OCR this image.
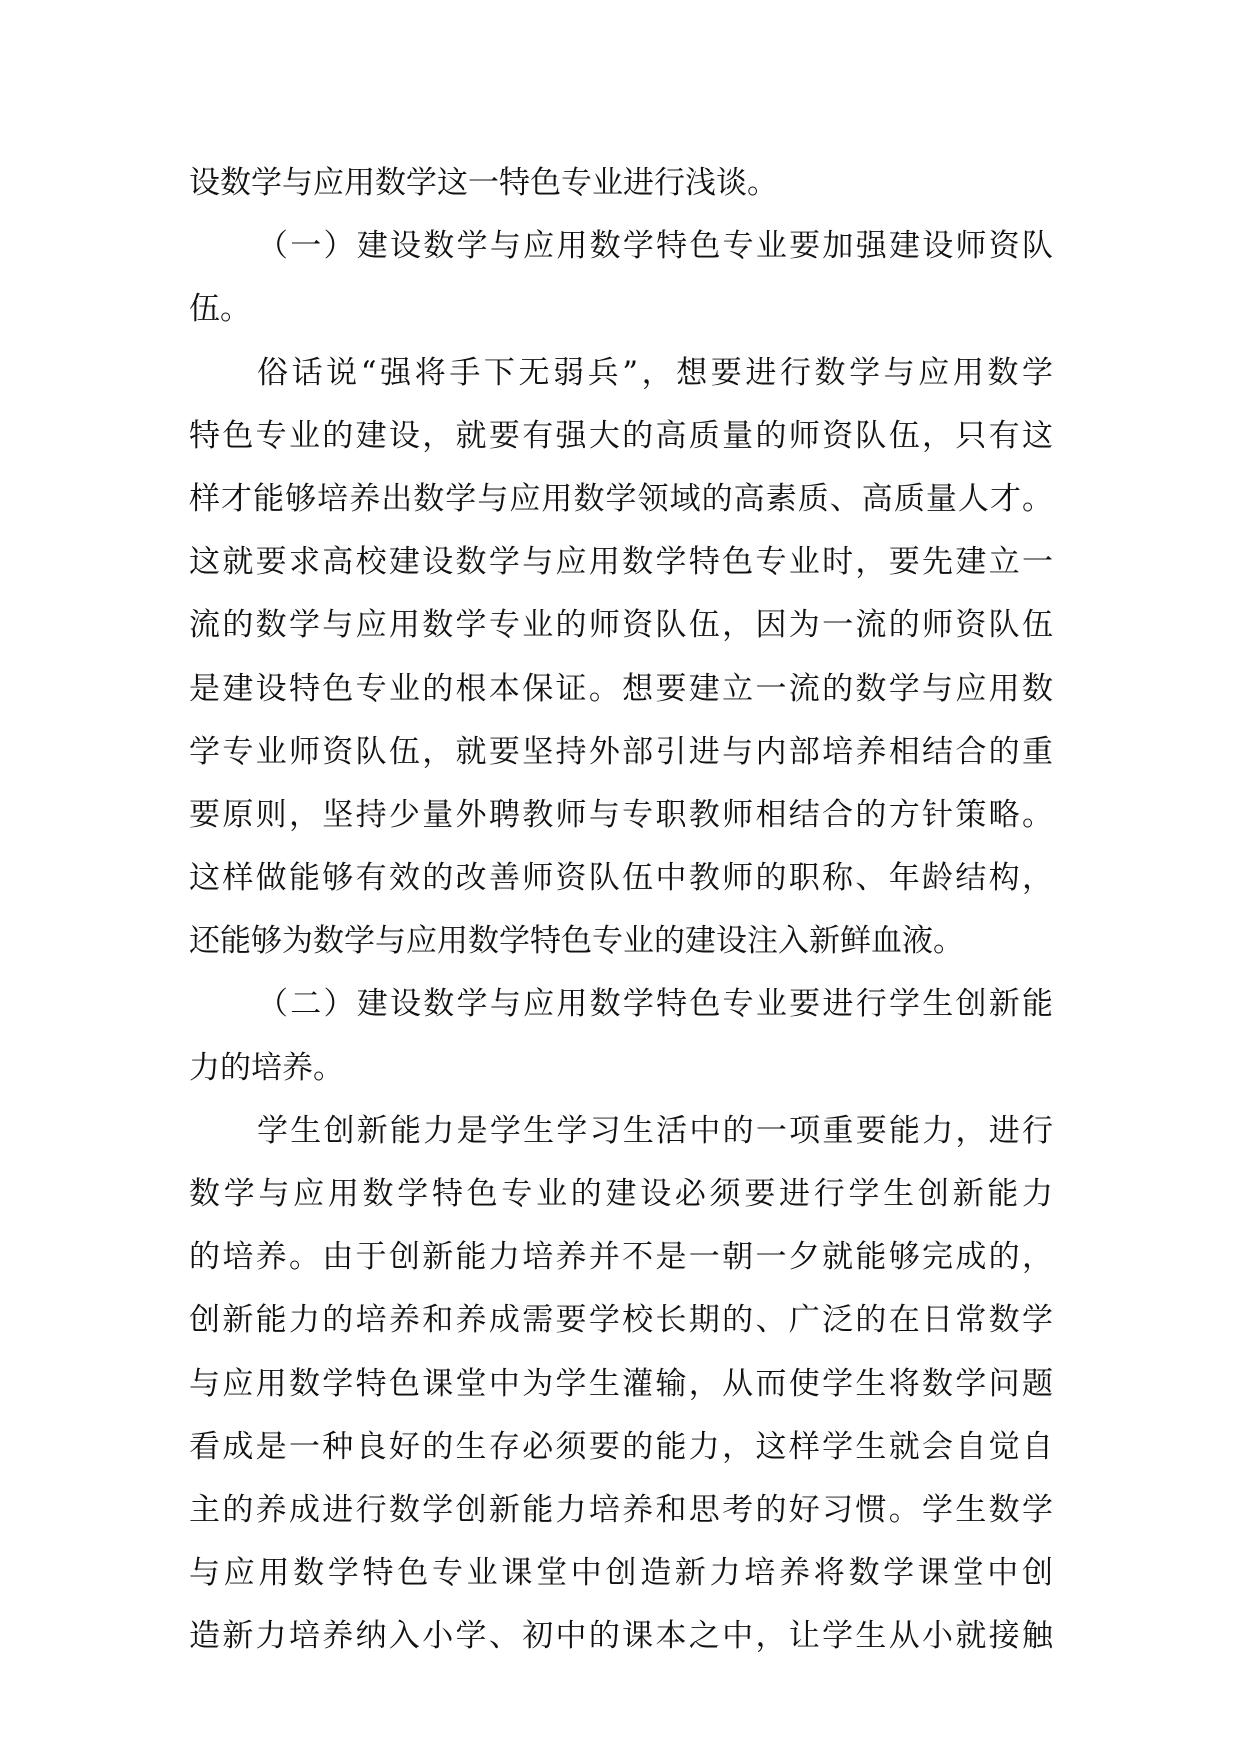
设数学与应用数学这一特色专业进行浅谈。
（一）建设数学与应用数学特色专业要加强建设师资队
伍。
俗话说“强将手下无弱兵”，想要进行数学与应用数学
特色专业的建设，就要有强大的高质量的师资队伍，只有这
样才能够培养出数学与应用数学领域的高素质、高质量人才。
这就要求高校建设数学与应用数学特色专业时，要先建立一
流的数学与应用数学专业的师资队伍，因为一流的师资队伍
是建设特色专业的根本保证。想要建立一流的数学与应用数
学专业师资队伍，就要坚持外部引进与内部培养相结合的重
要原则，坚持少量外聘教师与专职教师相结合的方针策略。
这样做能够有效的改善师资队伍中教师的职称、年龄结构，
还能够为数学与应用数学特色专业的建设注入新鲜血液。
（二）建设数学与应用数学特色专业要进行学生创新能
力的培养。
学生创新能力是学生学习生活中的一项重要能力，进行
数学与应用数学特色专业的建设必须要进行学生创新能力
的培养。由于创新能力培养并不是一朝一夕就能够完成的，
创新能力的培养和养成需要学校长期的、广泛的在日常数学
与应用数学特色课堂中为学生灌输，从而使学生将数学问题
看成是一种良好的生存必须要的能力，这样学生就会自觉自
主的养成进行数学创新能力培养和思考的好习惯。学生数学
与应用数学特色专业课堂中创造新力培养将数学课堂中创
造新力培养纳入小学、初中的课本之中，让学生从小就接触
